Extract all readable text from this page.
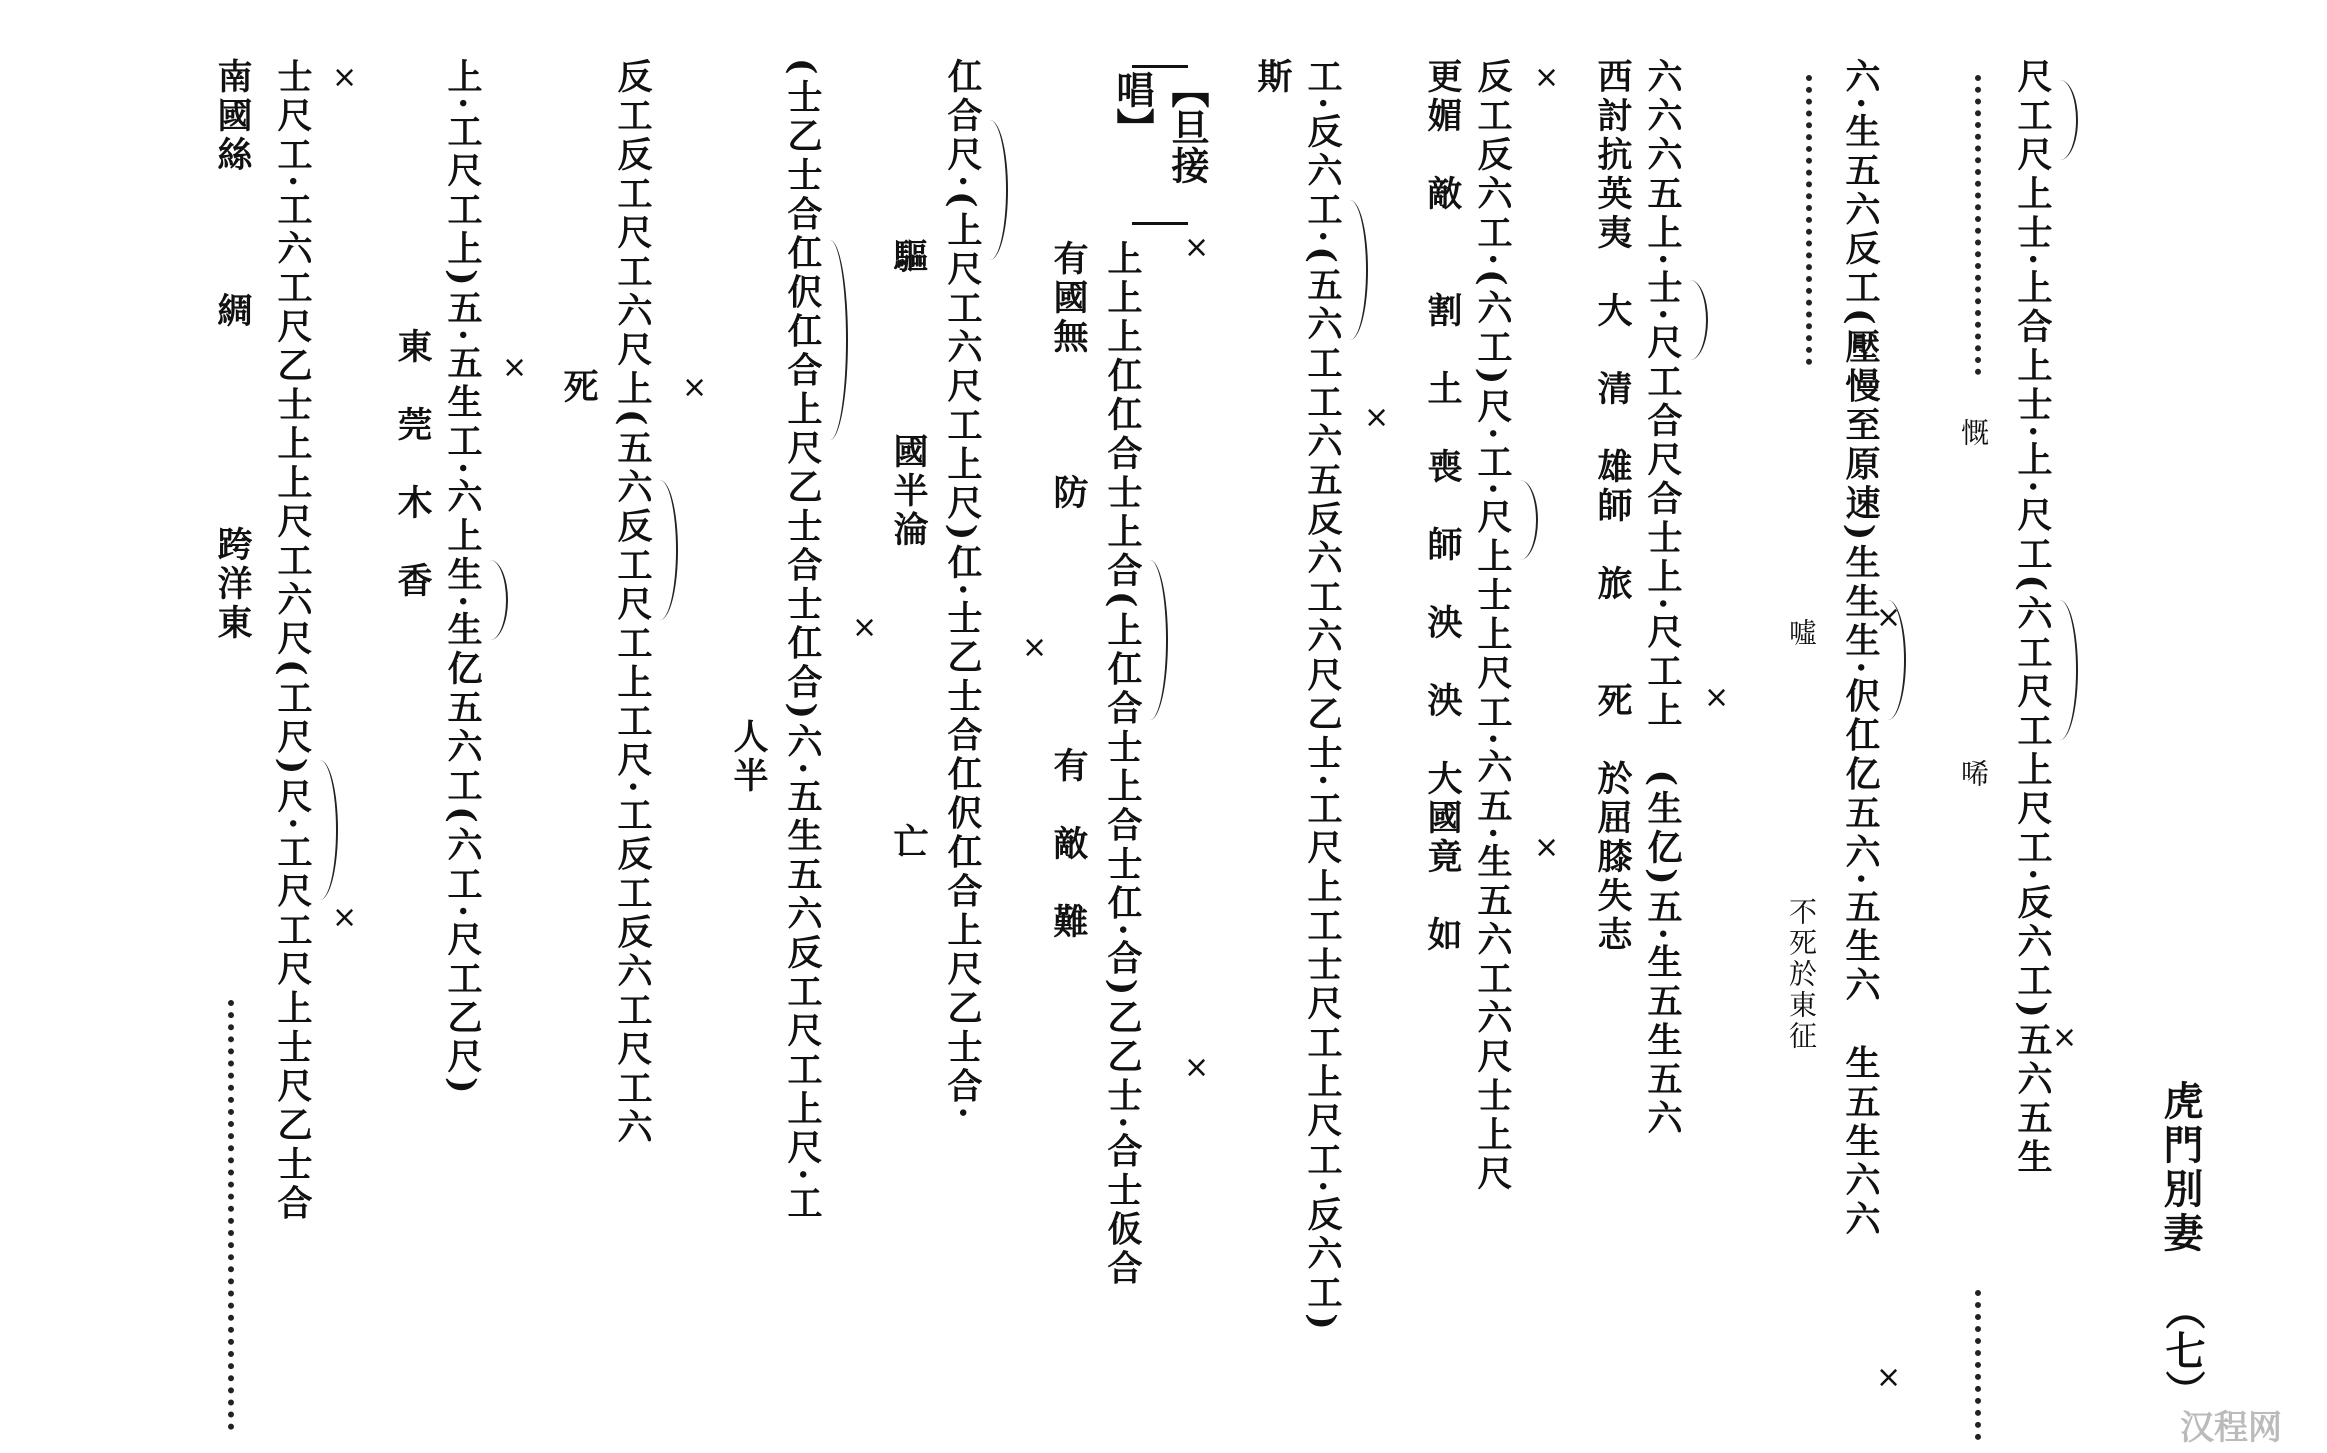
虎門別妻
（七）
【旦接唱】	尺工尺上士·上合上士·上·尺工(六工尺工上尺工·反六工)五六五生
慨　　　　　　　　　　唏
六·生五六反工(壓慢至原速)生生生·伬仜亿五六·五生六　生五生六六
噓　　　　　　　　不死於東征
六六六五上·士·尺工合尺合士上·尺工上　(生亿)五·生五生五六
西討抗英夷　大　清　雄師　旅　　死　於屈膝失志
反工反六工·(六工)尺·工·尺上士上尺工·六五·生五六工六尺士上尺
更媚　敵　　割　土　喪　師　泱　泱　大國竟　如
工·反六工·(五六工工六五反六工六尺乙士·工尺上工士尺工上尺工·反六工)
斯
上上上仜仜合士上合(上仜合士上合士仜·合)乙乙士·合士仮合
有國無　　　防　　　　　　有　敵　難
仜合尺·(上尺工六尺工上尺)仜·士乙士合仜伬仜合上尺乙士合·
驅　　　　國半淪　　　　　　　亡
(士乙士合仜伬仜合上尺乙士合士仜合)六·五生五六反工尺工上尺·工
人半
反工反工尺工六尺上(五六反工尺工上工尺·工反工反六工尺工六
死
上·工尺工上)五·五生工·六上生·生亿五六工(六工·尺工乙尺)
東　莞　木　香
士尺工·工六工尺乙士上上尺工六尺(工尺)尺·工尺工尺上士尺乙士合
南國絲　　　綢　　　　　跨洋東
×
×
×
×
×
×
×
×
×
×
×
×
×
×
×
汉程网
